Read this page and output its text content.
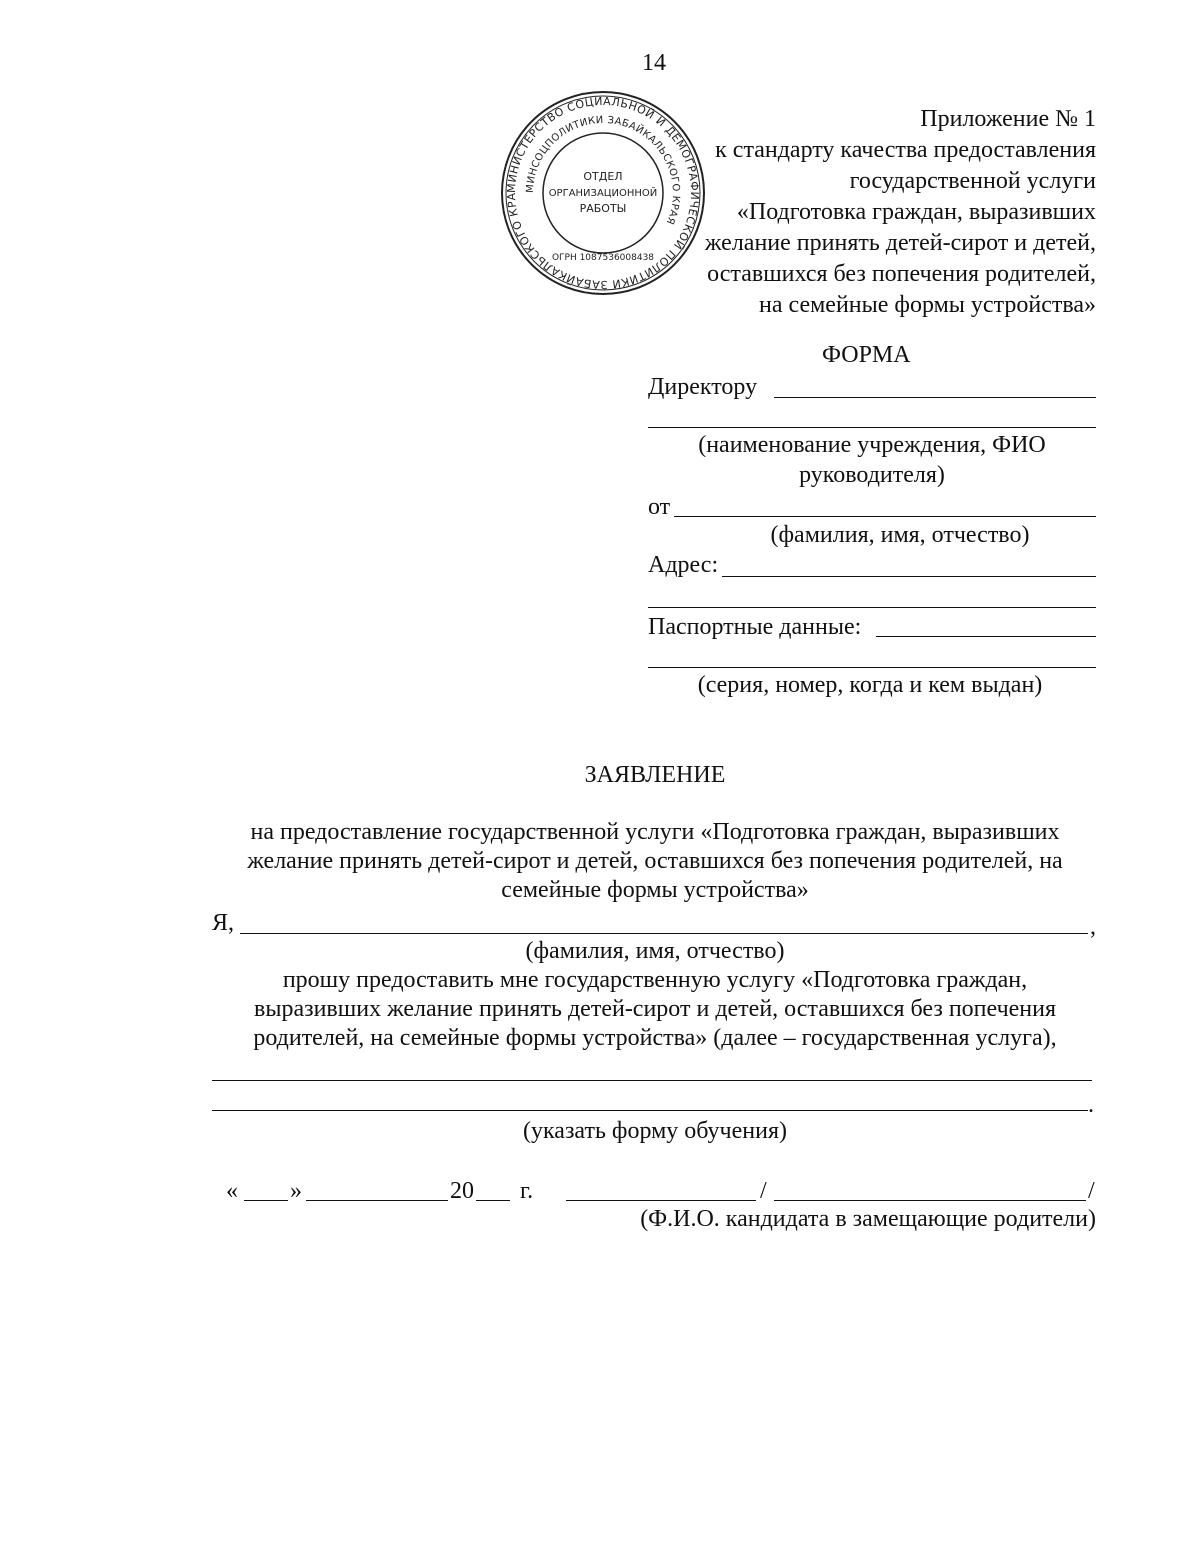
14
МИНИСТЕРСТВО СОЦИАЛЬНОЙ И ДЕМОГРАФИЧЕСКОЙ ПОЛИТИКИ ЗАБАЙКАЛЬСКОГО КРА
МИНСОЦПОЛИТИКИ ЗАБАЙКАЛЬСКОГО КРАЯ
ОГРН 1087536008438
ОТДЕЛ
ОРГАНИЗАЦИОННОЙ
РАБОТЫ
Приложение № 1
к стандарту качества предоставления
государственной услуги
«Подготовка граждан, выразивших
желание принять детей-сирот и детей,
оставшихся без попечения родителей,
на семейные формы устройства»
ФОРМА
Директору
(наименование учреждения, ФИО
руководителя)
от
(фамилия, имя, отчество)
Адрес:
Паспортные данные:
(серия, номер, когда и кем выдан)
ЗАЯВЛЕНИЕ
на предоставление государственной услуги «Подготовка граждан, выразивших
желание принять детей-сирот и детей, оставшихся без попечения родителей, на
семейные формы устройства»
Я,	,
(фамилия, имя, отчество)
прошу предоставить мне государственную услугу «Подготовка граждан,
выразивших желание принять детей-сирот и детей, оставшихся без попечения
родителей, на семейные формы устройства» (далее – государственная услуга),
.
(указать форму обучения)
« »	20 г.	/	/
(Ф.И.О. кандидата в замещающие родители)
